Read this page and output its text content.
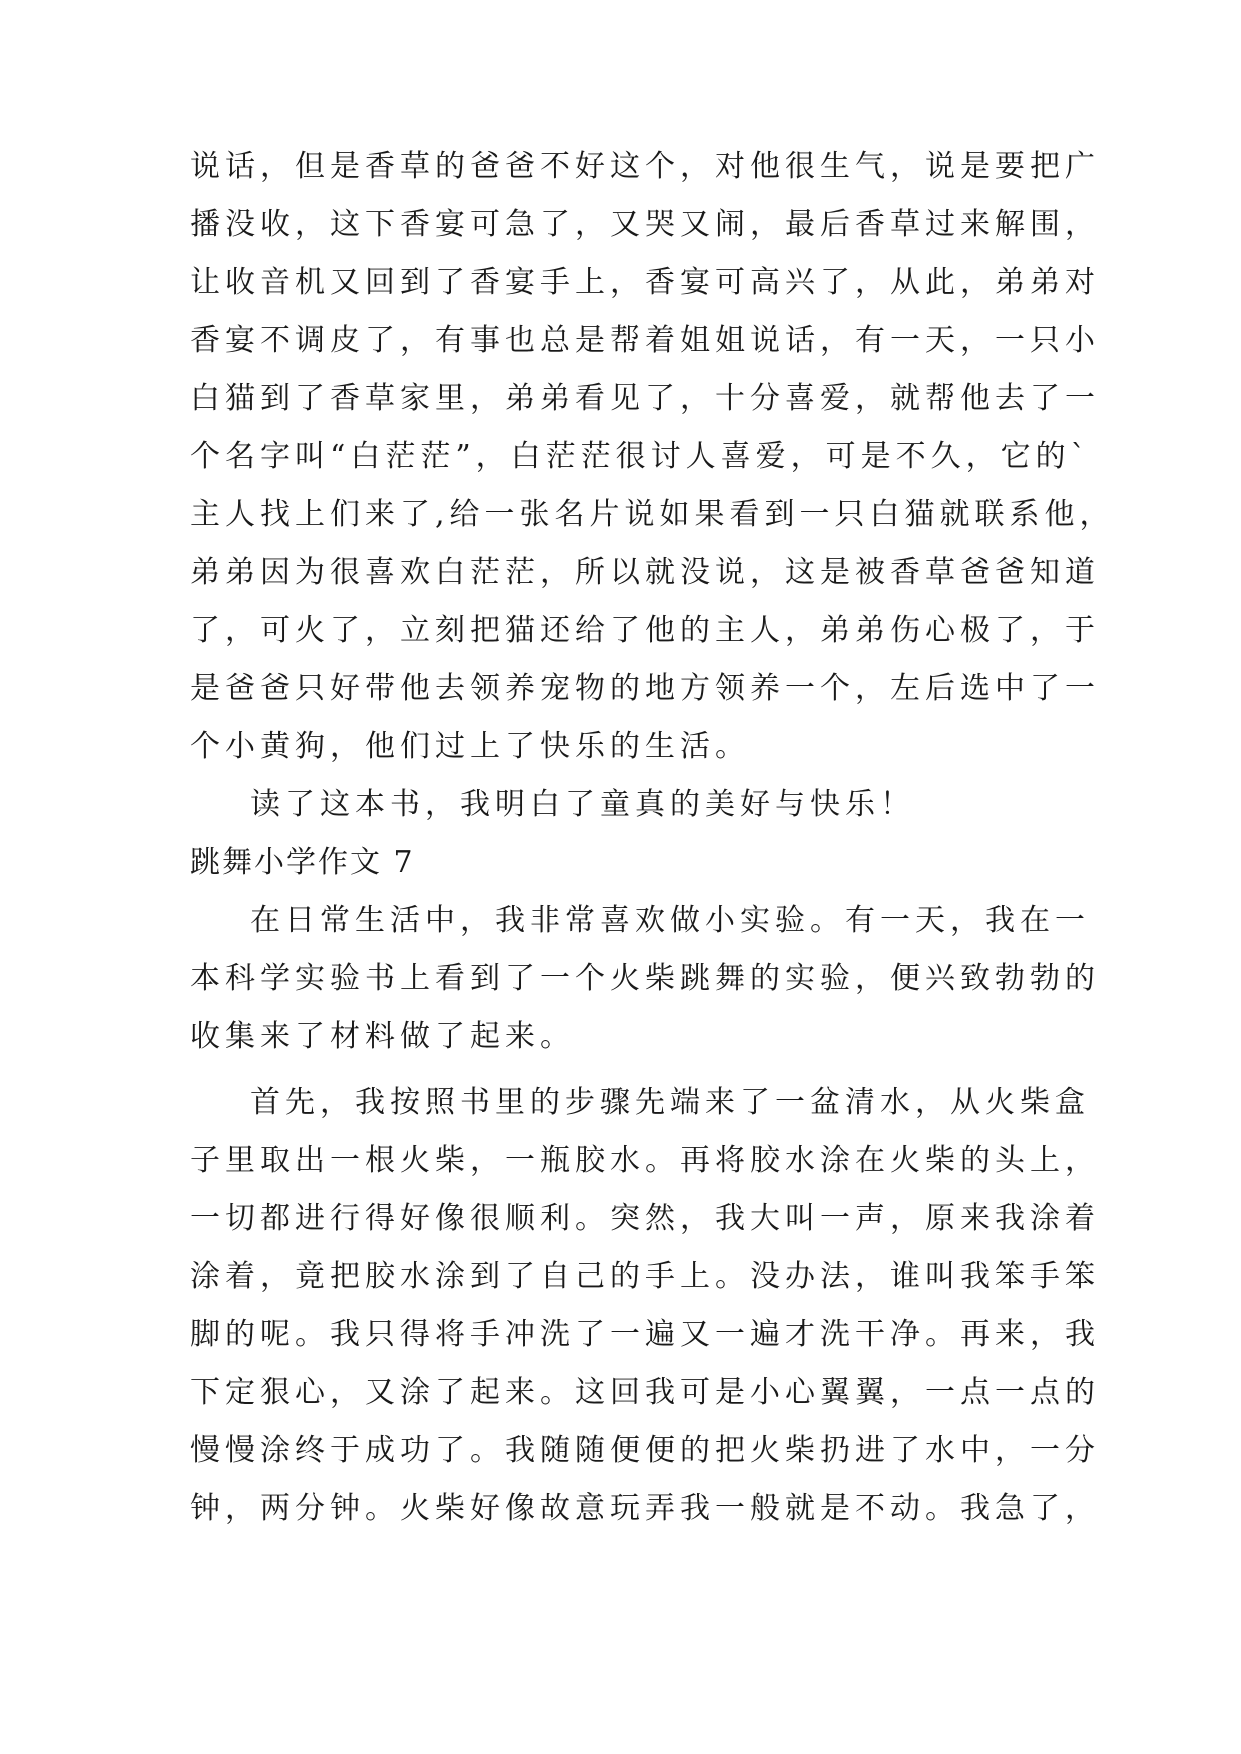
说话，但是香草的爸爸不好这个，对他很生气，说是要把广
播没收，这下香宴可急了，又哭又闹，最后香草过来解围，
让收音机又回到了香宴手上，香宴可高兴了，从此，弟弟对
香宴不调皮了，有事也总是帮着姐姐说话，有一天，一只小
白猫到了香草家里，弟弟看见了，十分喜爱，就帮他去了一
个名字叫“白茫茫”，白茫茫很讨人喜爱，可是不久，它的`
主人找上们来了,给一张名片说如果看到一只白猫就联系他，
弟弟因为很喜欢白茫茫，所以就没说，这是被香草爸爸知道
了，可火了，立刻把猫还给了他的主人，弟弟伤心极了，于
是爸爸只好带他去领养宠物的地方领养一个，左后选中了一
个小黄狗，他们过上了快乐的生活。
读了这本书，我明白了童真的美好与快乐！
跳舞小学作文 7
在日常生活中，我非常喜欢做小实验。有一天，我在一
本科学实验书上看到了一个火柴跳舞的实验，便兴致勃勃的
收集来了材料做了起来。
首先，我按照书里的步骤先端来了一盆清水，从火柴盒
子里取出一根火柴，一瓶胶水。再将胶水涂在火柴的头上，
一切都进行得好像很顺利。突然，我大叫一声，原来我涂着
涂着，竟把胶水涂到了自己的手上。没办法，谁叫我笨手笨
脚的呢。我只得将手冲洗了一遍又一遍才洗干净。再来，我
下定狠心，又涂了起来。这回我可是小心翼翼，一点一点的
慢慢涂终于成功了。我随随便便的把火柴扔进了水中，一分
钟，两分钟。火柴好像故意玩弄我一般就是不动。我急了，
